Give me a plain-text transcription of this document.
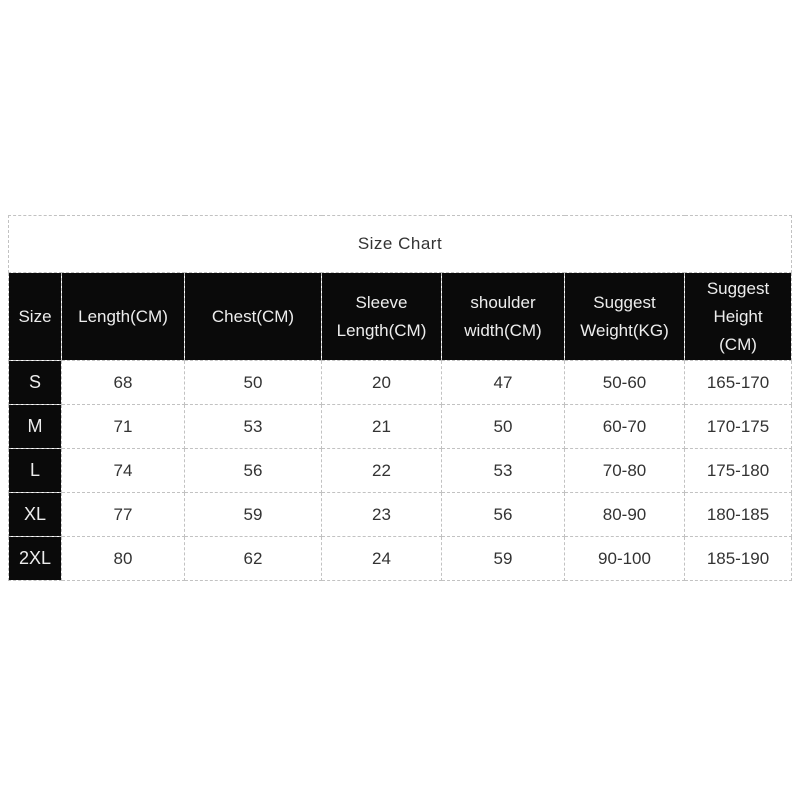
Size Chart						
Size	Length(CM)	Chest(CM)	Sleeve Length(CM)	shoulder width(CM)	Suggest Weight(KG)	Suggest Height (CM)
S	68	50	20	47	50-60	165-170
M	71	53	21	50	60-70	170-175
L	74	56	22	53	70-80	175-180
XL	77	59	23	56	80-90	180-185
2XL	80	62	24	59	90-100	185-190
